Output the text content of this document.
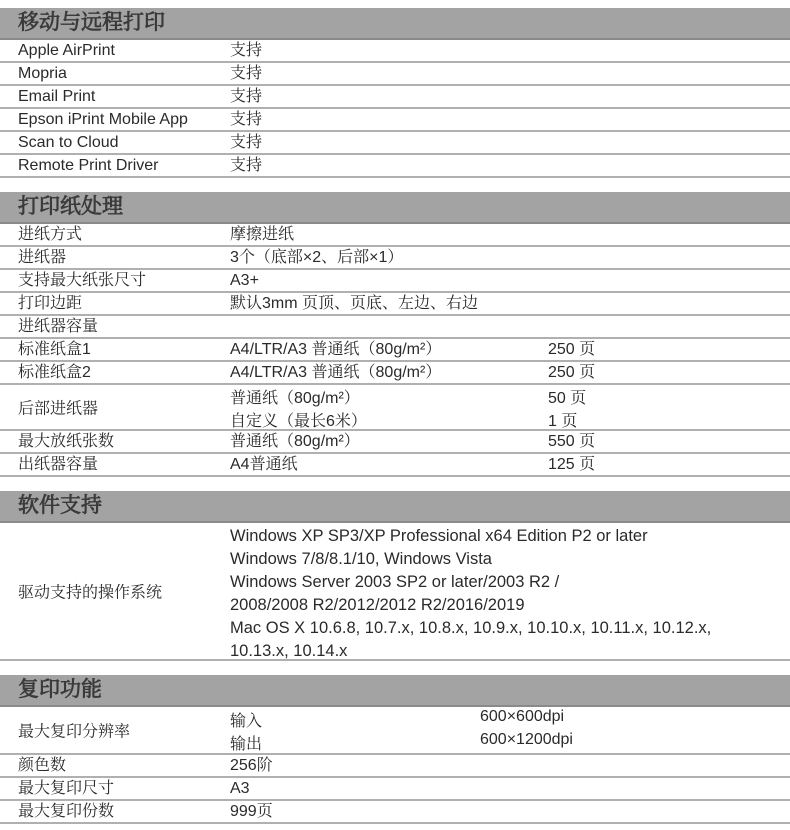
移动与远程打印
Apple AirPrint	支持
Mopria	支持
Email Print	支持
Epson iPrint Mobile App	支持
Scan to Cloud	支持
Remote Print Driver	支持
打印纸处理
进纸方式	摩擦进纸
进纸器	3个（底部×2、后部×1）
支持最大纸张尺寸	A3+
打印边距	默认3mm 页顶、页底、左边、右边
进纸器容量
标准纸盒1	A4/LTR/A3 普通纸（80g/m²）	250 页
标准纸盒2	A4/LTR/A3 普通纸（80g/m²）	250 页
后部进纸器
普通纸（80g/m²）	50 页
自定义（最长6米）	1 页
最大放纸张数	普通纸（80g/m²）	550 页
出纸器容量	A4普通纸	125 页
软件支持
驱动支持的操作系统
Windows XP SP3/XP Professional x64 Edition P2 or later
Windows 7/8/8.1/10, Windows Vista
Windows Server 2003 SP2 or later/2003 R2 /
2008/2008 R2/2012/2012 R2/2016/2019
Mac OS X 10.6.8, 10.7.x, 10.8.x, 10.9.x, 10.10.x, 10.11.x, 10.12.x,
10.13.x, 10.14.x
复印功能
最大复印分辨率
输入	600×600dpi
输出	600×1200dpi
颜色数	256阶
最大复印尺寸	A3
最大复印份数	999页
